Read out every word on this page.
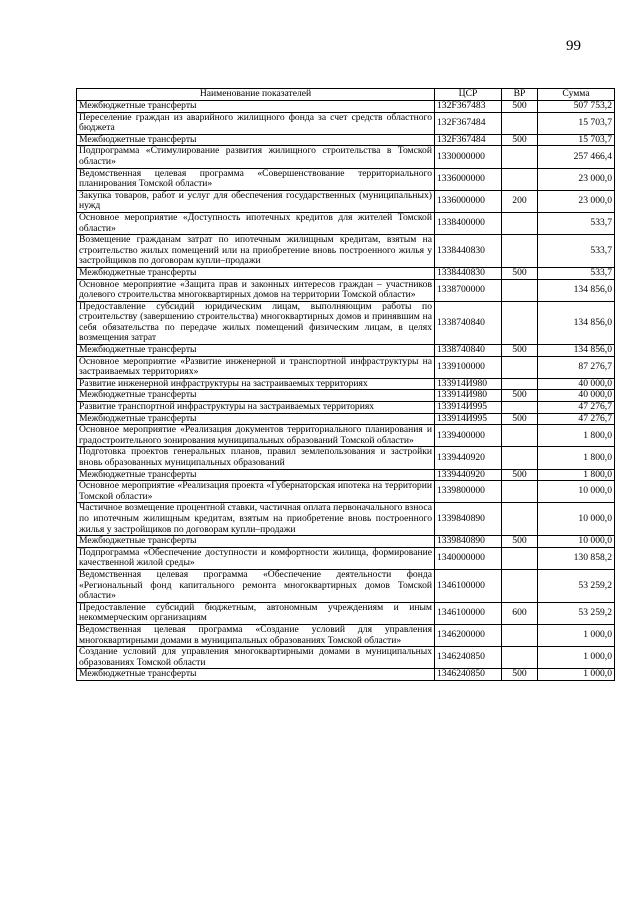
99
Наименование показателей	ЦСР	ВР	Сумма
Межбюджетные трансферты	132F367483	500	507 753,2
Переселение граждан из аварийного жилищного фонда за счет средств областного бюджета	132F367484		15 703,7
Межбюджетные трансферты	132F367484	500	15 703,7
Подпрограмма «Стимулирование развития жилищного строительства в Томской области»	1330000000		257 466,4
Ведомственная целевая программа «Совершенствование территориального планирования Томской области»	1336000000		23 000,0
Закупка товаров, работ и услуг для обеспечения государственных (муниципальных) нужд	1336000000	200	23 000,0
Основное мероприятие «Доступность ипотечных кредитов для жителей Томской области»	1338400000		533,7
Возмещение гражданам затрат по ипотечным жилищным кредитам, взятым на строительство жилых помещений или на приобретение вновь построенного жилья у застройщиков по договорам купли–продажи	1338440830		533,7
Межбюджетные трансферты	1338440830	500	533,7
Основное мероприятие «Защита прав и законных интересов граждан – участников долевого строительства многоквартирных домов на территории Томской области»	1338700000		134 856,0
Предоставление субсидий юридическим лицам, выполняющим работы по строительству (завершению строительства) многоквартирных домов и принявшим на себя обязательства по передаче жилых помещений физическим лицам, в целях возмещения затрат	1338740840		134 856,0
Межбюджетные трансферты	1338740840	500	134 856,0
Основное мероприятие «Развитие инженерной и транспортной инфраструктуры на застраиваемых территориях»	1339100000		87 276,7
Развитие инженерной инфраструктуры на застраиваемых территориях	133914И980		40 000,0
Межбюджетные трансферты	133914И980	500	40 000,0
Развитие транспортной инфраструктуры на застраиваемых территориях	133914И995		47 276,7
Межбюджетные трансферты	133914И995	500	47 276,7
Основное мероприятие «Реализация документов территориального планирования и градостроительного зонирования муниципальных образований Томской области»	1339400000		1 800,0
Подготовка проектов генеральных планов, правил землепользования и застройки вновь образованных муниципальных образований	1339440920		1 800,0
Межбюджетные трансферты	1339440920	500	1 800,0
Основное мероприятие «Реализация проекта «Губернаторская ипотека на территории Томской области»	1339800000		10 000,0
Частичное возмещение процентной ставки, частичная оплата первоначального взноса по ипотечным жилищным кредитам, взятым на приобретение вновь построенного жилья у застройщиков по договорам купли–продажи	1339840890		10 000,0
Межбюджетные трансферты	1339840890	500	10 000,0
Подпрограмма «Обеспечение доступности и комфортности жилища, формирование качественной жилой среды»	1340000000		130 858,2
Ведомственная целевая программа «Обеспечение деятельности фонда «Региональный фонд капитального ремонта многоквартирных домов Томской области»	1346100000		53 259,2
Предоставление субсидий бюджетным, автономным учреждениям и иным некоммерческим организациям	1346100000	600	53 259,2
Ведомственная целевая программа «Создание условий для управления многоквартирными домами в муниципальных образованиях Томской области»	1346200000		1 000,0
Создание условий для управления многоквартирными домами в муниципальных образованиях Томской области	1346240850		1 000,0
Межбюджетные трансферты	1346240850	500	1 000,0
